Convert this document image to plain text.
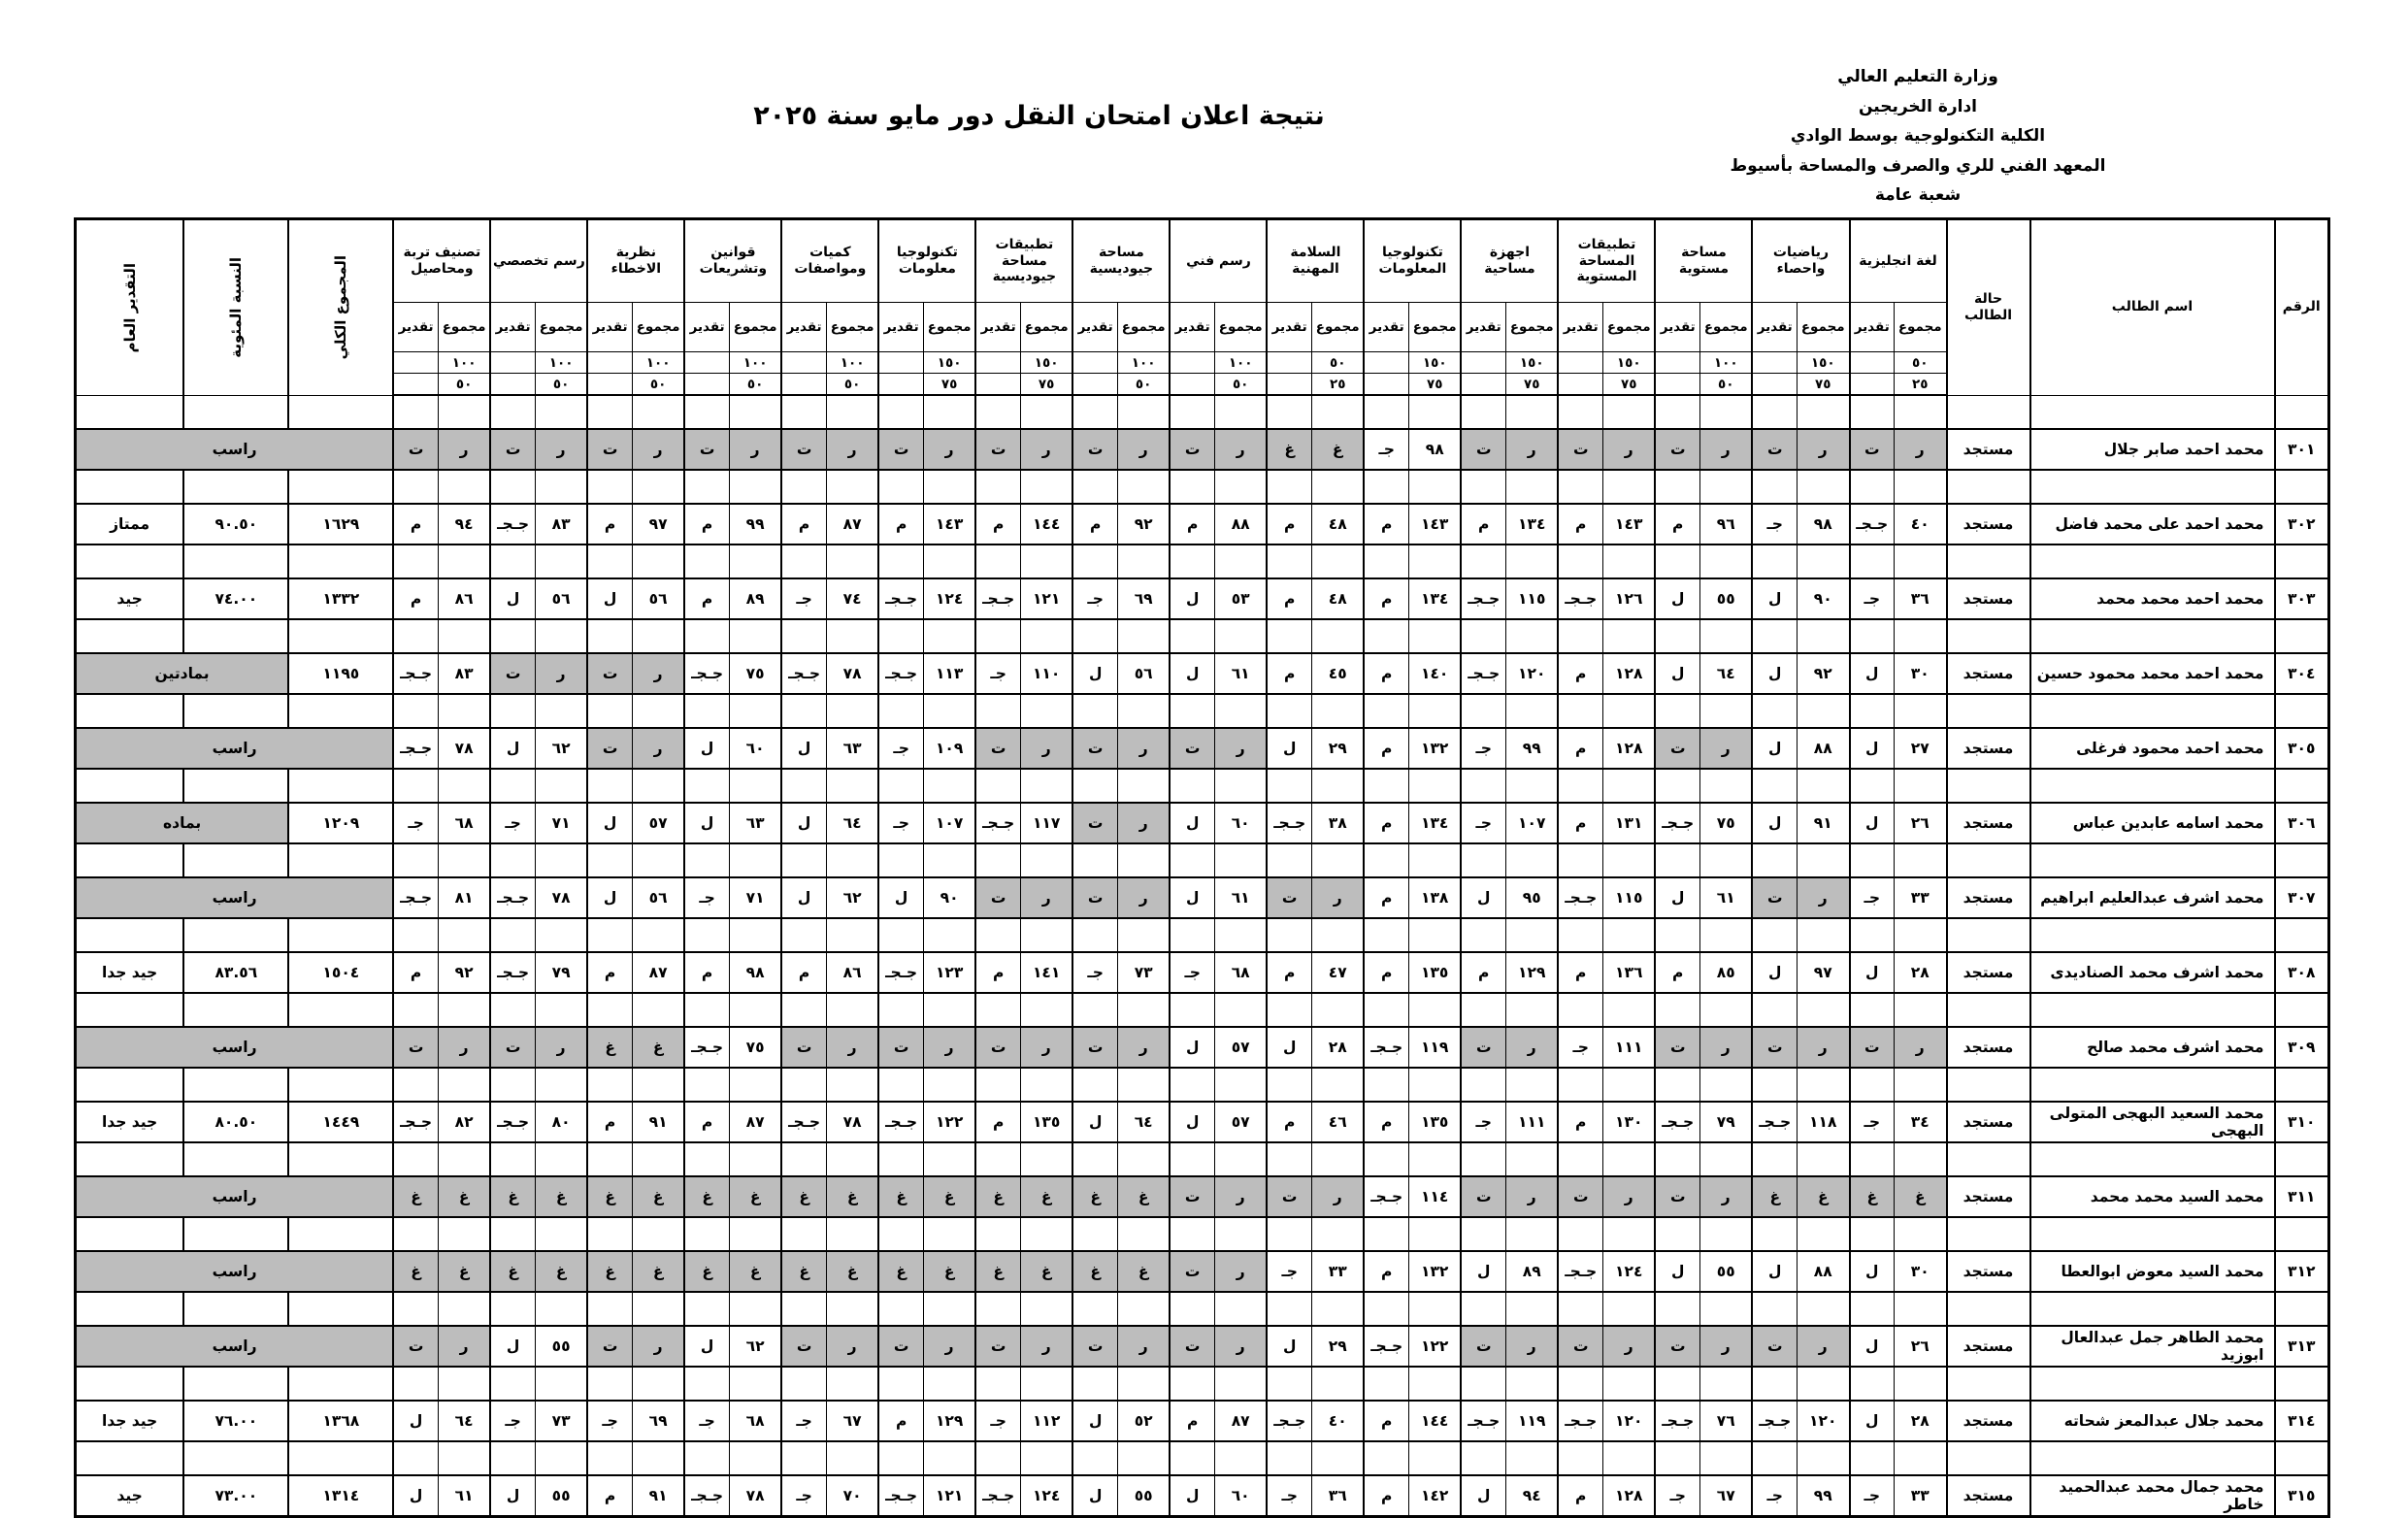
وزارة التعليم العالي
ادارة الخريجين
الكلية التكنولوجية بوسط الوادي
المعهد الفني للري والصرف والمساحة بأسيوط
شعبة عامة
نتيجة اعلان امتحان النقل دور مايو سنة ٢٠٢٥
الرقم	اسم الطالب	حالة الطالب	لغة انجليزية		رياضيات واحصاء		مساحة مستوية		تطبيقات المساحة المستوية		اجهزة مساحية		تكنولوجيا المعلومات		السلامة المهنية		رسم فني		مساحة جيوديسية		تطبيقات مساحة جيوديسية		تكنولوجيا معلومات		كميات ومواصفات		قوانين وتشريعات		نظرية الاخطاء		رسم تخصصي		تصنيف تربة ومحاصيل		المجموع الكلي	النسبة المئوية	التقدير العام

			مجموع	تقدير	مجموع	تقدير	مجموع	تقدير	مجموع	تقدير	مجموع	تقدير	مجموع	تقدير	مجموع	تقدير	مجموع	تقدير	مجموع	تقدير	مجموع	تقدير	مجموع	تقدير	مجموع	تقدير	مجموع	تقدير	مجموع	تقدير	مجموع	تقدير	مجموع	تقدير			
			٥٠		١٥٠		١٠٠		١٥٠		١٥٠		١٥٠		٥٠		١٠٠		١٠٠		١٥٠		١٥٠		١٠٠		١٠٠		١٠٠		١٠٠		١٠٠				
			٢٥		٧٥		٥٠		٧٥		٧٥		٧٥		٢٥		٥٠		٥٠		٧٥		٧٥		٥٠		٥٠		٥٠		٥٠		٥٠				

٣٠١	محمد احمد صابر جلال	مستجد	ر	ت	ر	ت	ر	ت	ر	ت	ر	ت	٩٨	جـ	غ	غ	ر	ت	ر	ت	ر	ت	ر	ت	ر	ت	ر	ت	ر	ت	ر	ت	ر	ت	راسب		

٣٠٢	محمد احمد على محمد فاضل	مستجد	٤٠	جـجـ	٩٨	جـ	٩٦	م	١٤٣	م	١٣٤	م	١٤٣	م	٤٨	م	٨٨	م	٩٢	م	١٤٤	م	١٤٣	م	٨٧	م	٩٩	م	٩٧	م	٨٣	جـجـ	٩٤	م	١٦٢٩	٩٠.٥٠	ممتاز

٣٠٣	محمد احمد محمد محمد	مستجد	٣٦	جـ	٩٠	ل	٥٥	ل	١٢٦	جـجـ	١١٥	جـجـ	١٣٤	م	٤٨	م	٥٣	ل	٦٩	جـ	١٢١	جـجـ	١٢٤	جـجـ	٧٤	جـ	٨٩	م	٥٦	ل	٥٦	ل	٨٦	م	١٣٣٢	٧٤.٠٠	جيد

٣٠٤	محمد احمد محمد محمود حسين	مستجد	٣٠	ل	٩٢	ل	٦٤	ل	١٢٨	م	١٢٠	جـجـ	١٤٠	م	٤٥	م	٦١	ل	٥٦	ل	١١٠	جـ	١١٣	جـجـ	٧٨	جـجـ	٧٥	جـجـ	ر	ت	ر	ت	٨٣	جـجـ	١١٩٥	بمادتين	

٣٠٥	محمد احمد محمود فرغلى	مستجد	٢٧	ل	٨٨	ل	ر	ت	١٢٨	م	٩٩	جـ	١٣٢	م	٢٩	ل	ر	ت	ر	ت	ر	ت	١٠٩	جـ	٦٣	ل	٦٠	ل	ر	ت	٦٢	ل	٧٨	جـجـ	راسب		

٣٠٦	محمد اسامه عابدين عباس	مستجد	٢٦	ل	٩١	ل	٧٥	جـجـ	١٣١	م	١٠٧	جـ	١٣٤	م	٣٨	جـجـ	٦٠	ل	ر	ت	١١٧	جـجـ	١٠٧	جـ	٦٤	ل	٦٣	ل	٥٧	ل	٧١	جـ	٦٨	جـ	١٢٠٩	بماده	

٣٠٧	محمد اشرف عبدالعليم ابراهيم	مستجد	٣٣	جـ	ر	ت	٦١	ل	١١٥	جـجـ	٩٥	ل	١٣٨	م	ر	ت	٦١	ل	ر	ت	ر	ت	٩٠	ل	٦٢	ل	٧١	جـ	٥٦	ل	٧٨	جـجـ	٨١	جـجـ	راسب		

٣٠٨	محمد اشرف محمد الصناديدى	مستجد	٢٨	ل	٩٧	ل	٨٥	م	١٣٦	م	١٢٩	م	١٣٥	م	٤٧	م	٦٨	جـ	٧٣	جـ	١٤١	م	١٢٣	جـجـ	٨٦	م	٩٨	م	٨٧	م	٧٩	جـجـ	٩٢	م	١٥٠٤	٨٣.٥٦	جيد جدا

٣٠٩	محمد اشرف محمد صالح	مستجد	ر	ت	ر	ت	ر	ت	١١١	جـ	ر	ت	١١٩	جـجـ	٢٨	ل	٥٧	ل	ر	ت	ر	ت	ر	ت	ر	ت	٧٥	جـجـ	غ	غ	ر	ت	ر	ت	راسب		

٣١٠	محمد السعيد البهجى المتولى البهجى	مستجد	٣٤	جـ	١١٨	جـجـ	٧٩	جـجـ	١٣٠	م	١١١	جـ	١٣٥	م	٤٦	م	٥٧	ل	٦٤	ل	١٣٥	م	١٢٢	جـجـ	٧٨	جـجـ	٨٧	م	٩١	م	٨٠	جـجـ	٨٢	جـجـ	١٤٤٩	٨٠.٥٠	جيد جدا

٣١١	محمد السيد محمد محمد	مستجد	غ	غ	غ	غ	ر	ت	ر	ت	ر	ت	١١٤	جـجـ	ر	ت	ر	ت	غ	غ	غ	غ	غ	غ	غ	غ	غ	غ	غ	غ	غ	غ	غ	غ	راسب		

٣١٢	محمد السيد معوض ابوالعطا	مستجد	٣٠	ل	٨٨	ل	٥٥	ل	١٢٤	جـجـ	٨٩	ل	١٣٢	م	٣٣	جـ	ر	ت	غ	غ	غ	غ	غ	غ	غ	غ	غ	غ	غ	غ	غ	غ	غ	غ	راسب		

٣١٣	محمد الطاهر جمل عبدالعال ابوزيد	مستجد	٢٦	ل	ر	ت	ر	ت	ر	ت	ر	ت	١٢٢	جـجـ	٢٩	ل	ر	ت	ر	ت	ر	ت	ر	ت	ر	ت	٦٢	ل	ر	ت	٥٥	ل	ر	ت	راسب		

٣١٤	محمد جلال عبدالمعز شحاته	مستجد	٢٨	ل	١٢٠	جـجـ	٧٦	جـجـ	١٢٠	جـجـ	١١٩	جـجـ	١٤٤	م	٤٠	جـجـ	٨٧	م	٥٢	ل	١١٢	جـ	١٢٩	م	٦٧	جـ	٦٨	جـ	٦٩	جـ	٧٣	جـ	٦٤	ل	١٣٦٨	٧٦.٠٠	جيد جدا

٣١٥	محمد جمال محمد عبدالحميد خاطر	مستجد	٣٣	جـ	٩٩	جـ	٦٧	جـ	١٢٨	م	٩٤	ل	١٤٢	م	٣٦	جـ	٦٠	ل	٥٥	ل	١٢٤	جـجـ	١٢١	جـجـ	٧٠	جـ	٧٨	جـجـ	٩١	م	٥٥	ل	٦١	ل	١٣١٤	٧٣.٠٠	جيد
